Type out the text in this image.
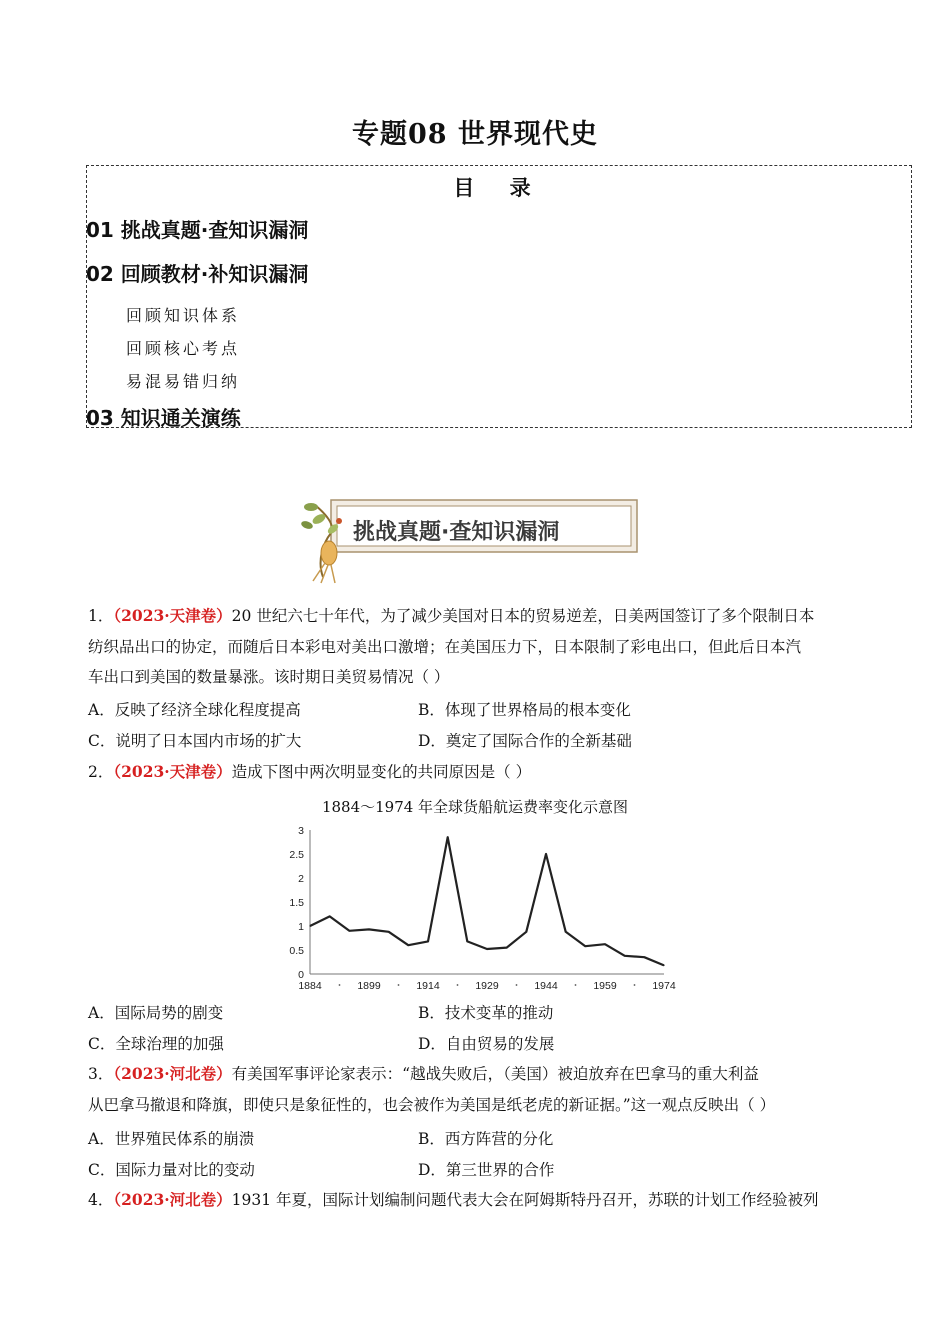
专题08 世界现代史
目 录
01 挑战真题·查知识漏洞
02 回顾教材·补知识漏洞
回顾知识体系
回顾核心考点
易混易错归纳
03 知识通关演练
挑战真题·查知识漏洞
1．（2023·天津卷）20 世纪六七十年代，为了减少美国对日本的贸易逆差，日美两国签订了多个限制日本
纺织品出口的协定，而随后日本彩电对美出口激增；在美国压力下，日本限制了彩电出口，但此后日本汽
车出口到美国的数量暴涨。该时期日美贸易情况（ ）
A．反映了经济全球化程度提高	B．体现了世界格局的根本变化
C．说明了日本国内市场的扩大	D．奠定了国际合作的全新基础
2．（2023·天津卷）造成下图中两次明显变化的共同原因是（ ）
1884～1974 年全球货船航运费率变化示意图
0
0.5
1
1.5
2
2.5
3
1884	1899	1914	1929	1944	1959	1974
A．国际局势的剧变	B．技术变革的推动
C．全球治理的加强	D．自由贸易的发展
3．（2023·河北卷）有美国军事评论家表示：“越战失败后，（美国）被迫放弃在巴拿马的重大利益
从巴拿马撤退和降旗，即使只是象征性的，也会被作为美国是纸老虎的新证据。”这一观点反映出（ ）
A．世界殖民体系的崩溃	B．西方阵营的分化
C．国际力量对比的变动	D．第三世界的合作
4．（2023·河北卷）1931 年夏，国际计划编制问题代表大会在阿姆斯特丹召开，苏联的计划工作经验被列
